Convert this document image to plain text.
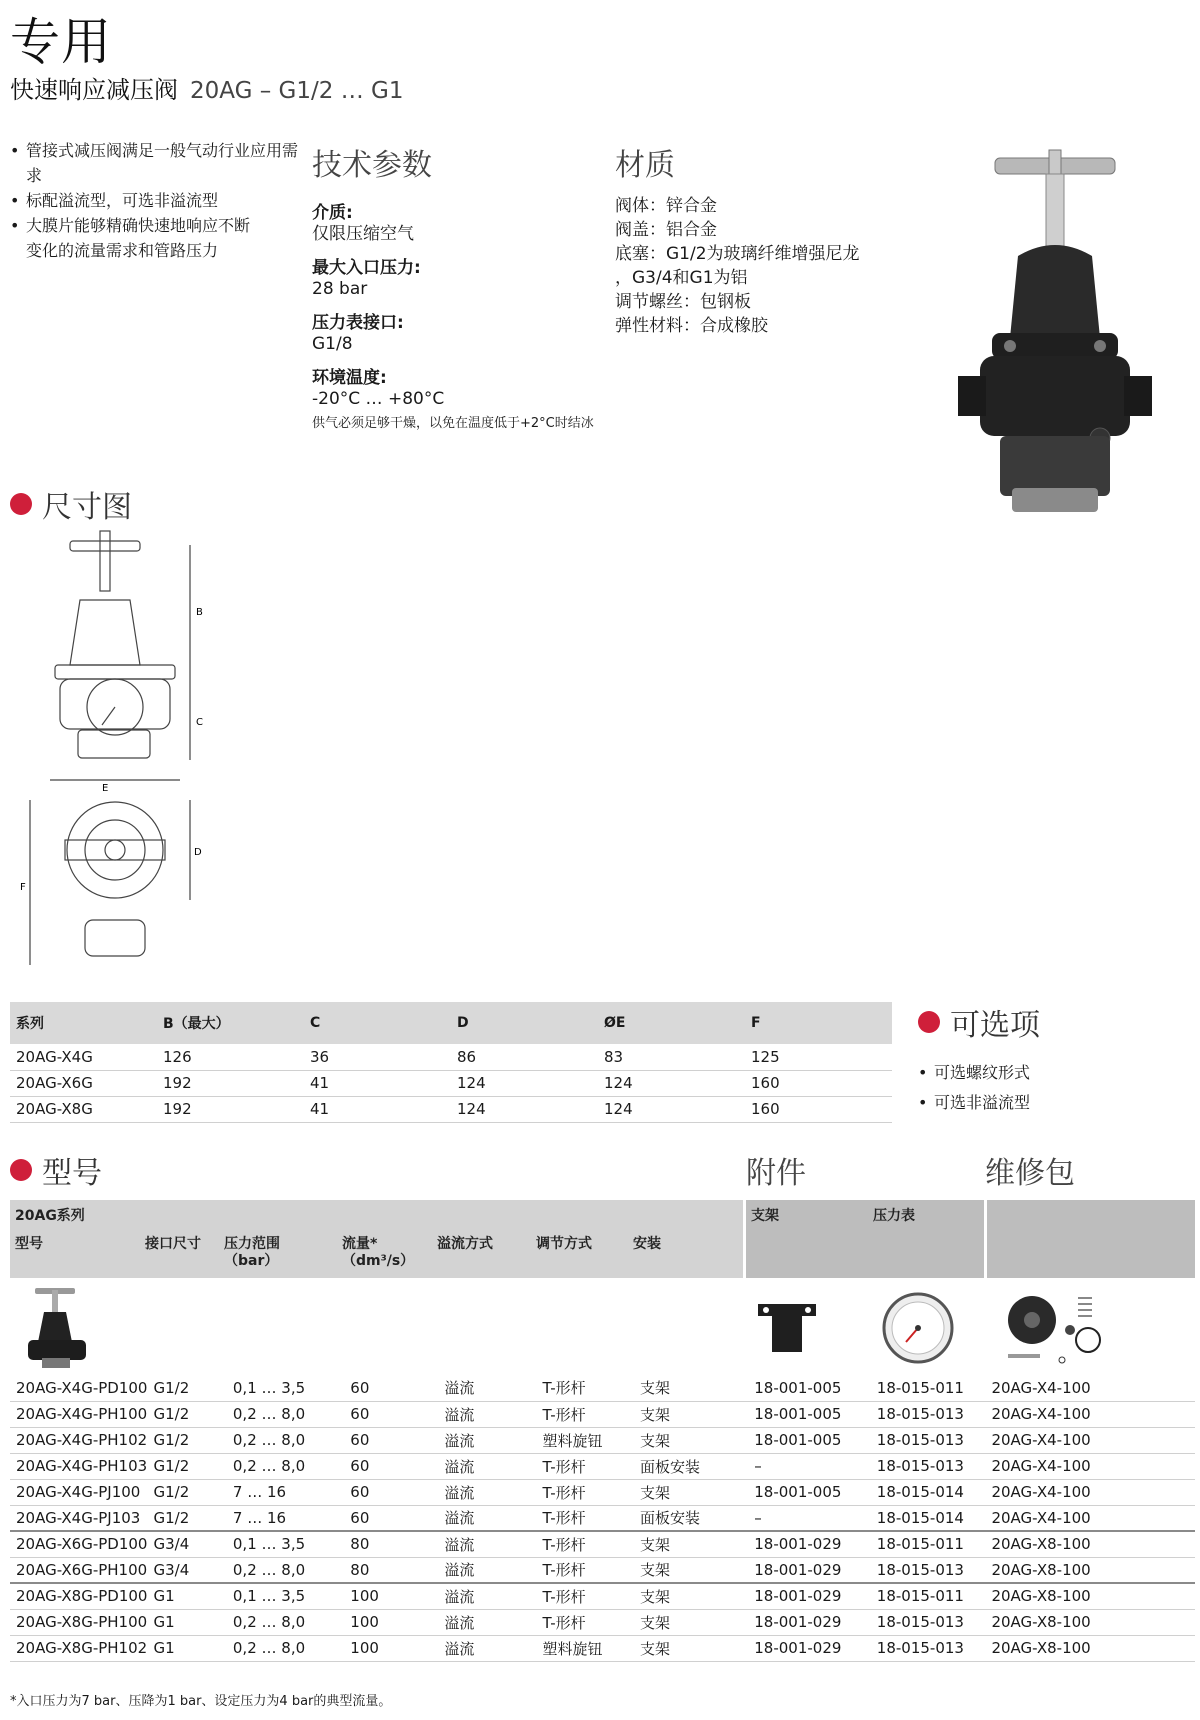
专用
快速响应减压阀 20AG – G1/2 … G1
• 管接式减压阀满足一般气动行业应用需求
• 标配溢流型，可选非溢流型
• 大膜片能够精确快速地响应不断
变化的流量需求和管路压力
技术参数
介质:
仅限压缩空气
最大入口压力:
28 bar
压力表接口:
G1/8
环境温度:
-20°C … +80°C
供气必须足够干燥，以免在温度低于+2°C时结冰
材质
阀体：锌合金
阀盖：铝合金
底塞：G1/2为玻璃纤维增强尼龙
，G3/4和G1为铝
调节螺丝：包钢板
弹性材料：合成橡胶
尺寸图
E
B
C
F
D
系列	B（最大）	C	D	ØE	F
20AG-X4G	126	36	86	83	125
20AG-X6G	192	41	124	124	160
20AG-X8G	192	41	124	124	160
可选项
• 可选螺纹形式
• 可选非溢流型
型号	附件	维修包
20AG系列
型号	接口尺寸 压力范围
（bar）
流量*
（dm³/s）
溢流方式	调节方式	安装
支架	压力表
20AG-X4G-PD100	G1/2	0,1 … 3,5	60	溢流	T-形杆	支架	18-001-005	18-015-011	20AG-X4-100
20AG-X4G-PH100	G1/2	0,2 … 8,0	60	溢流	T-形杆	支架	18-001-005	18-015-013	20AG-X4-100
20AG-X4G-PH102	G1/2	0,2 … 8,0	60	溢流	塑料旋钮	支架	18-001-005	18-015-013	20AG-X4-100
20AG-X4G-PH103	G1/2	0,2 … 8,0	60	溢流	T-形杆	面板安装	–	18-015-013	20AG-X4-100
20AG-X4G-PJ100	G1/2	7 … 16	60	溢流	T-形杆	支架	18-001-005	18-015-014	20AG-X4-100
20AG-X4G-PJ103	G1/2	7 … 16	60	溢流	T-形杆	面板安装	–	18-015-014	20AG-X4-100
20AG-X6G-PD100	G3/4	0,1 … 3,5	80	溢流	T-形杆	支架	18-001-029	18-015-011	20AG-X8-100
20AG-X6G-PH100	G3/4	0,2 … 8,0	80	溢流	T-形杆	支架	18-001-029	18-015-013	20AG-X8-100
20AG-X8G-PD100	G1	0,1 … 3,5	100	溢流	T-形杆	支架	18-001-029	18-015-011	20AG-X8-100
20AG-X8G-PH100	G1	0,2 … 8,0	100	溢流	T-形杆	支架	18-001-029	18-015-013	20AG-X8-100
20AG-X8G-PH102	G1	0,2 … 8,0	100	溢流	塑料旋钮	支架	18-001-029	18-015-013	20AG-X8-100
*入口压力为7 bar、压降为1 bar、设定压力为4 bar的典型流量。
